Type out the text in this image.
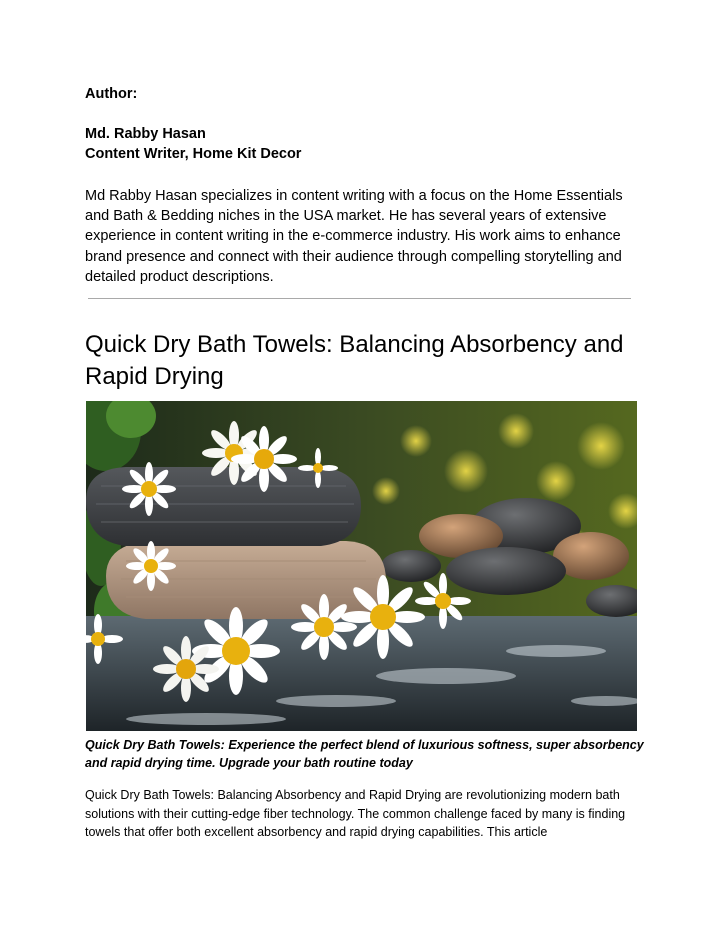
Author:
Md. Rabby Hasan
Content Writer, Home Kit Decor
Md Rabby Hasan specializes in content writing with a focus on the Home Essentials and Bath & Bedding niches in the USA market. He has several years of extensive experience in content writing in the e-commerce industry. His work aims to enhance brand presence and connect with their audience through compelling storytelling and detailed product descriptions.
Quick Dry Bath Towels: Balancing Absorbency and Rapid Drying
Quick Dry Bath Towels: Experience the perfect blend of luxurious softness, super absorbency and rapid drying time. Upgrade your bath routine today
Quick Dry Bath Towels: Balancing Absorbency and Rapid Drying are revolutionizing modern bath solutions with their cutting-edge fiber technology. The common challenge faced by many is finding towels that offer both excellent absorbency and rapid drying capabilities. This article
